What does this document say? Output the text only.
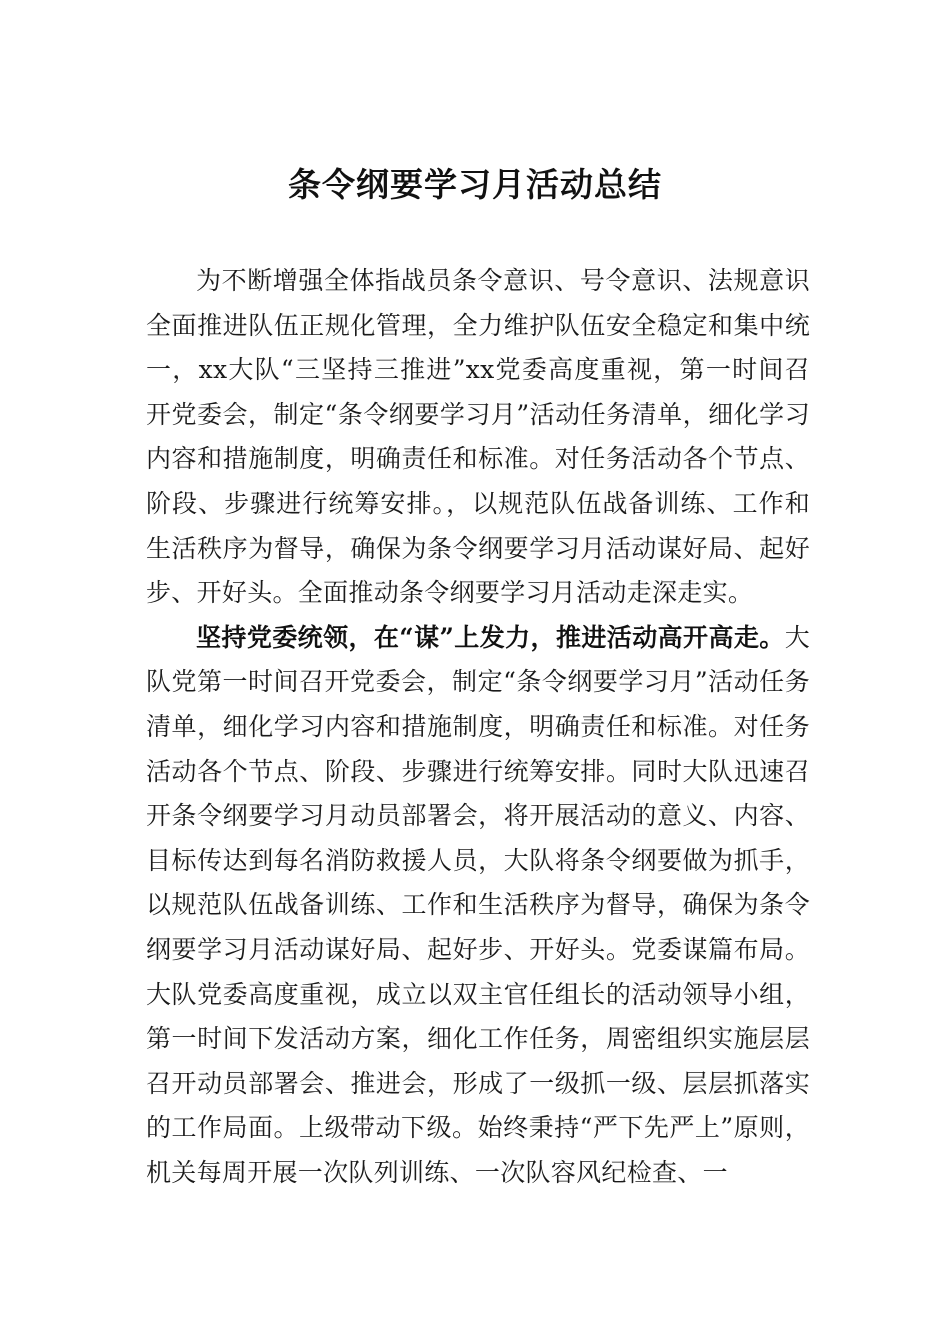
条令纲要学习月活动总结

为不断增强全体指战员条令意识、号令意识、法规意识全面推进队伍正规化管理，全力维护队伍安全稳定和集中统一，xx大队“三坚持三推进”xx党委高度重视，第一时间召开党委会，制定“条令纲要学习月”活动任务清单，细化学习内容和措施制度，明确责任和标准。对任务活动各个节点、阶段、步骤进行统筹安排。，以规范队伍战备训练、工作和生活秩序为督导，确保为条令纲要学习月活动谋好局、起好步、开好头。全面推动条令纲要学习月活动走深走实。

坚持党委统领，在“谋”上发力，推进活动高开高走。大队党第一时间召开党委会，制定“条令纲要学习月”活动任务清单，细化学习内容和措施制度，明确责任和标准。对任务活动各个节点、阶段、步骤进行统筹安排。同时大队迅速召开条令纲要学习月动员部署会，将开展活动的意义、内容、目标传达到每名消防救援人员，大队将条令纲要做为抓手，以规范队伍战备训练、工作和生活秩序为督导，确保为条令纲要学习月活动谋好局、起好步、开好头。党委谋篇布局。大队党委高度重视，成立以双主官任组长的活动领导小组，第一时间下发活动方案，细化工作任务，周密组织实施层层召开动员部署会、推进会，形成了一级抓一级、层层抓落实的工作局面。上级带动下级。始终秉持“严下先严上”原则，机关每周开展一次队列训练、一次队容风纪检查、一
